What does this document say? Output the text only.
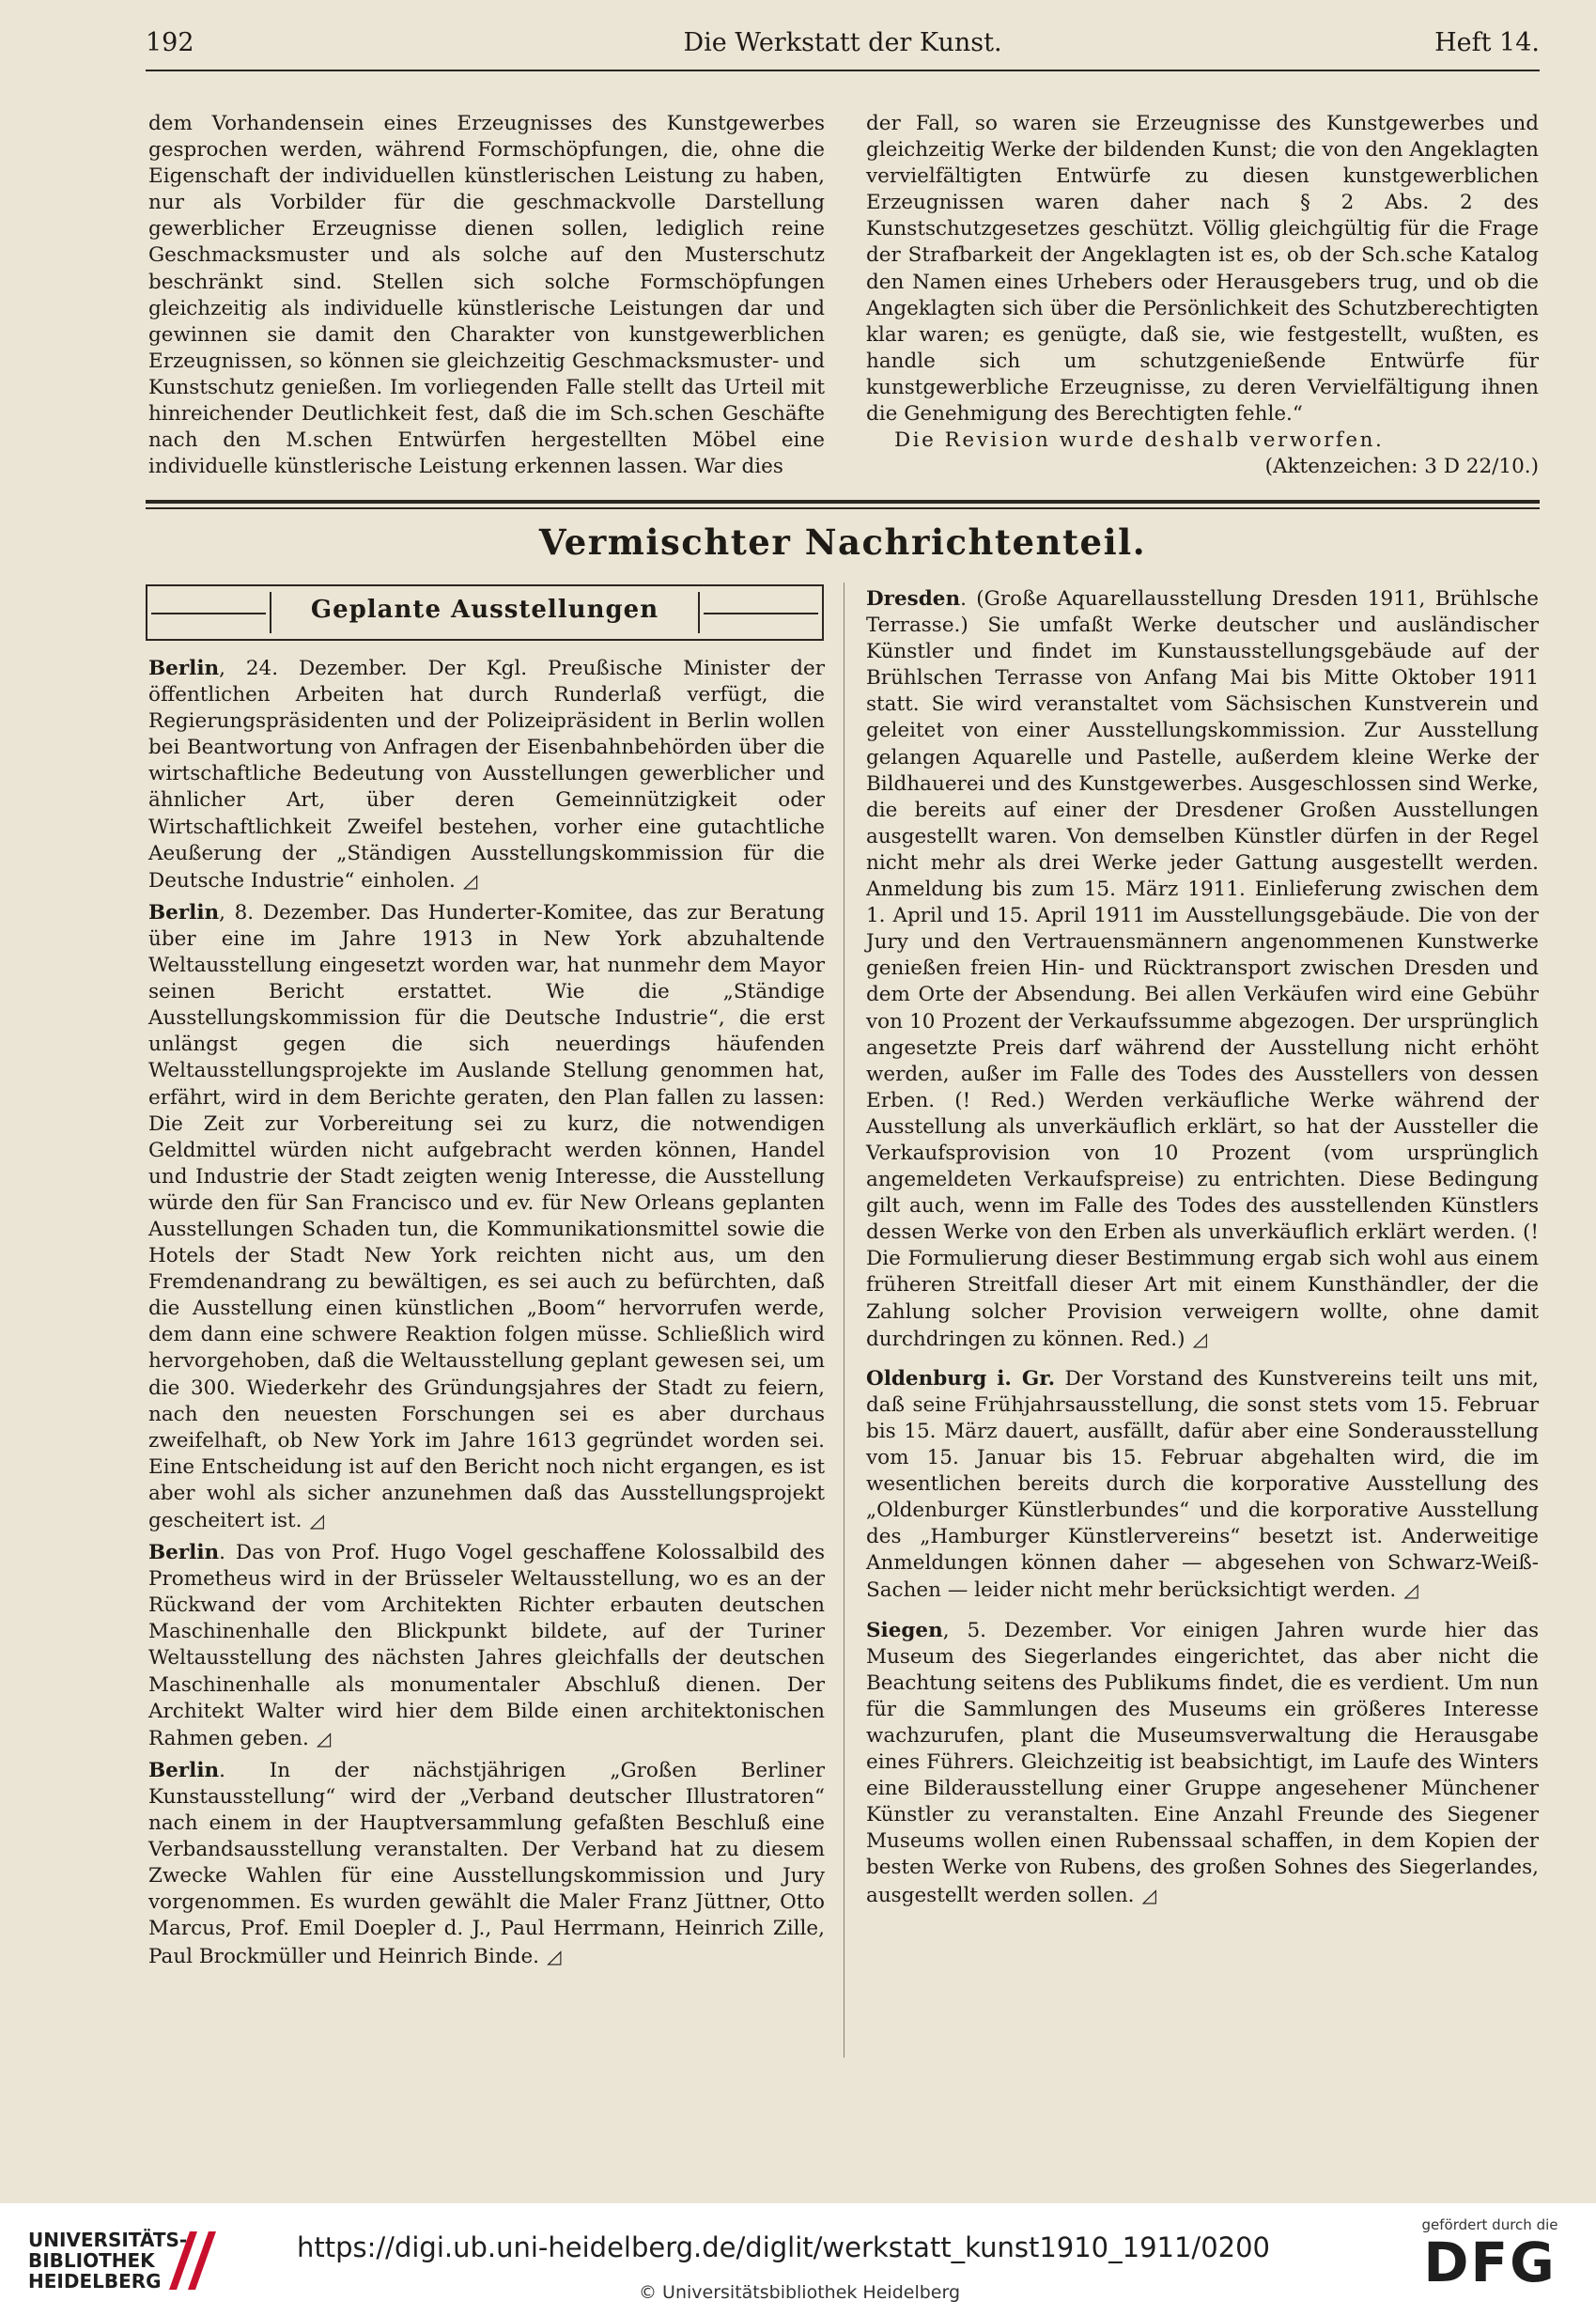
192	Die Werkstatt der Kunst.	Heft 14.

dem Vorhandensein eines Erzeugnisses des Kunstgewerbes gesprochen werden, während Formschöpfungen, die, ohne die Eigenschaft der individuellen künstlerischen Leistung zu haben, nur als Vorbilder für die geschmackvolle Darstellung gewerblicher Erzeugnisse dienen sollen, lediglich reine Geschmacksmuster und als solche auf den Musterschutz beschränkt sind. Stellen sich solche Formschöpfungen gleichzeitig als individuelle künstlerische Leistungen dar und gewinnen sie damit den Charakter von kunstgewerblichen Erzeugnissen, so können sie gleichzeitig Geschmacksmuster- und Kunstschutz genießen. Im vorliegenden Falle stellt das Urteil mit hinreichender Deutlichkeit fest, daß die im Sch.schen Geschäfte nach den M.schen Entwürfen hergestellten Möbel eine individuelle künstlerische Leistung erkennen lassen. War dies

der Fall, so waren sie Erzeugnisse des Kunstgewerbes und gleichzeitig Werke der bildenden Kunst; die von den Angeklagten vervielfältigten Entwürfe zu diesen kunstgewerblichen Erzeugnissen waren daher nach § 2 Abs. 2 des Kunstschutzgesetzes geschützt. Völlig gleichgültig für die Frage der Strafbarkeit der Angeklagten ist es, ob der Sch.sche Katalog den Namen eines Urhebers oder Herausgebers trug, und ob die Angeklagten sich über die Persönlichkeit des Schutzberechtigten klar waren; es genügte, daß sie, wie festgestellt, wußten, es handle sich um schutzgenießende Entwürfe für kunstgewerbliche Erzeugnisse, zu deren Vervielfältigung ihnen die Genehmigung des Berechtigten fehle.“

Die Revision wurde deshalb verworfen.

(Aktenzeichen: 3 D 22/10.)

Vermischter Nachrichtenteil.
Geplante Ausstellungen

Berlin, 24. Dezember. Der Kgl. Preußische Minister der öffentlichen Arbeiten hat durch Runderlaß verfügt, die Regierungspräsidenten und der Polizeipräsident in Berlin wollen bei Beantwortung von Anfragen der Eisenbahnbehörden über die wirtschaftliche Bedeutung von Ausstellungen gewerblicher und ähnlicher Art, über deren Gemeinnützigkeit oder Wirtschaftlichkeit Zweifel bestehen, vorher eine gutachtliche Aeußerung der „Ständigen Ausstellungskommission für die Deutsche Industrie“ einholen. ◿

Berlin, 8. Dezember. Das Hunderter-Komitee, das zur Beratung über eine im Jahre 1913 in New York abzuhaltende Weltausstellung eingesetzt worden war, hat nunmehr dem Mayor seinen Bericht erstattet. Wie die „Ständige Ausstellungskommission für die Deutsche Industrie“, die erst unlängst gegen die sich neuerdings häufenden Weltausstellungsprojekte im Auslande Stellung genommen hat, erfährt, wird in dem Berichte geraten, den Plan fallen zu lassen: Die Zeit zur Vorbereitung sei zu kurz, die notwendigen Geldmittel würden nicht aufgebracht werden können, Handel und Industrie der Stadt zeigten wenig Interesse, die Ausstellung würde den für San Francisco und ev. für New Orleans geplanten Ausstellungen Schaden tun, die Kommunikationsmittel sowie die Hotels der Stadt New York reichten nicht aus, um den Fremdenandrang zu bewältigen, es sei auch zu befürchten, daß die Ausstellung einen künstlichen „Boom“ hervorrufen werde, dem dann eine schwere Reaktion folgen müsse. Schließlich wird hervorgehoben, daß die Weltausstellung geplant gewesen sei, um die 300. Wiederkehr des Gründungsjahres der Stadt zu feiern, nach den neuesten Forschungen sei es aber durchaus zweifelhaft, ob New York im Jahre 1613 gegründet worden sei. Eine Entscheidung ist auf den Bericht noch nicht ergangen, es ist aber wohl als sicher anzunehmen daß das Ausstellungsprojekt gescheitert ist. ◿

Berlin. Das von Prof. Hugo Vogel geschaffene Kolossalbild des Prometheus wird in der Brüsseler Weltausstellung, wo es an der Rückwand der vom Architekten Richter erbauten deutschen Maschinenhalle den Blickpunkt bildete, auf der Turiner Weltausstellung des nächsten Jahres gleichfalls der deutschen Maschinenhalle als monumentaler Abschluß dienen. Der Architekt Walter wird hier dem Bilde einen architektonischen Rahmen geben. ◿

Berlin. In der nächstjährigen „Großen Berliner Kunstausstellung“ wird der „Verband deutscher Illustratoren“ nach einem in der Hauptversammlung gefaßten Beschluß eine Verbandsausstellung veranstalten. Der Verband hat zu diesem Zwecke Wahlen für eine Ausstellungskommission und Jury vorgenommen. Es wurden gewählt die Maler Franz Jüttner, Otto Marcus, Prof. Emil Doepler d. J., Paul Herrmann, Heinrich Zille, Paul Brockmüller und Heinrich Binde. ◿

Dresden. (Große Aquarellausstellung Dresden 1911, Brühlsche Terrasse.) Sie umfaßt Werke deutscher und ausländischer Künstler und findet im Kunstausstellungsgebäude auf der Brühlschen Terrasse von Anfang Mai bis Mitte Oktober 1911 statt. Sie wird veranstaltet vom Sächsischen Kunstverein und geleitet von einer Ausstellungskommission. Zur Ausstellung gelangen Aquarelle und Pastelle, außerdem kleine Werke der Bildhauerei und des Kunstgewerbes. Ausgeschlossen sind Werke, die bereits auf einer der Dresdener Großen Ausstellungen ausgestellt waren. Von demselben Künstler dürfen in der Regel nicht mehr als drei Werke jeder Gattung ausgestellt werden. Anmeldung bis zum 15. März 1911. Einlieferung zwischen dem 1. April und 15. April 1911 im Ausstellungsgebäude. Die von der Jury und den Vertrauensmännern angenommenen Kunstwerke genießen freien Hin- und Rücktransport zwischen Dresden und dem Orte der Absendung. Bei allen Verkäufen wird eine Gebühr von 10 Prozent der Verkaufssumme abgezogen. Der ursprünglich angesetzte Preis darf während der Ausstellung nicht erhöht werden, außer im Falle des Todes des Ausstellers von dessen Erben. (! Red.) Werden verkäufliche Werke während der Ausstellung als unverkäuflich erklärt, so hat der Aussteller die Verkaufsprovision von 10 Prozent (vom ursprünglich angemeldeten Verkaufspreise) zu entrichten. Diese Bedingung gilt auch, wenn im Falle des Todes des ausstellenden Künstlers dessen Werke von den Erben als unverkäuflich erklärt werden. (! Die Formulierung dieser Bestimmung ergab sich wohl aus einem früheren Streitfall dieser Art mit einem Kunsthändler, der die Zahlung solcher Provision verweigern wollte, ohne damit durchdringen zu können. Red.) ◿

Oldenburg i. Gr. Der Vorstand des Kunstvereins teilt uns mit, daß seine Frühjahrsausstellung, die sonst stets vom 15. Februar bis 15. März dauert, ausfällt, dafür aber eine Sonderausstellung vom 15. Januar bis 15. Februar abgehalten wird, die im wesentlichen bereits durch die korporative Ausstellung des „Oldenburger Künstlerbundes“ und die korporative Ausstellung des „Hamburger Künstlervereins“ besetzt ist. Anderweitige Anmeldungen können daher — abgesehen von Schwarz-Weiß-Sachen — leider nicht mehr berücksichtigt werden. ◿

Siegen, 5. Dezember. Vor einigen Jahren wurde hier das Museum des Siegerlandes eingerichtet, das aber nicht die Beachtung seitens des Publikums findet, die es verdient. Um nun für die Sammlungen des Museums ein größeres Interesse wachzurufen, plant die Museumsverwaltung die Herausgabe eines Führers. Gleichzeitig ist beabsichtigt, im Laufe des Winters eine Bilderausstellung einer Gruppe angesehener Münchener Künstler zu veranstalten. Eine Anzahl Freunde des Siegener Museums wollen einen Rubenssaal schaffen, in dem Kopien der besten Werke von Rubens, des großen Sohnes des Siegerlandes, ausgestellt werden sollen. ◿

UNIVERSITÄTS-
BIBLIOTHEK
HEIDELBERG
https://digi.ub.uni-heidelberg.de/diglit/werkstatt_kunst1910_1911/0200
© Universitätsbibliothek Heidelberg
gefördert durch die
DFG
